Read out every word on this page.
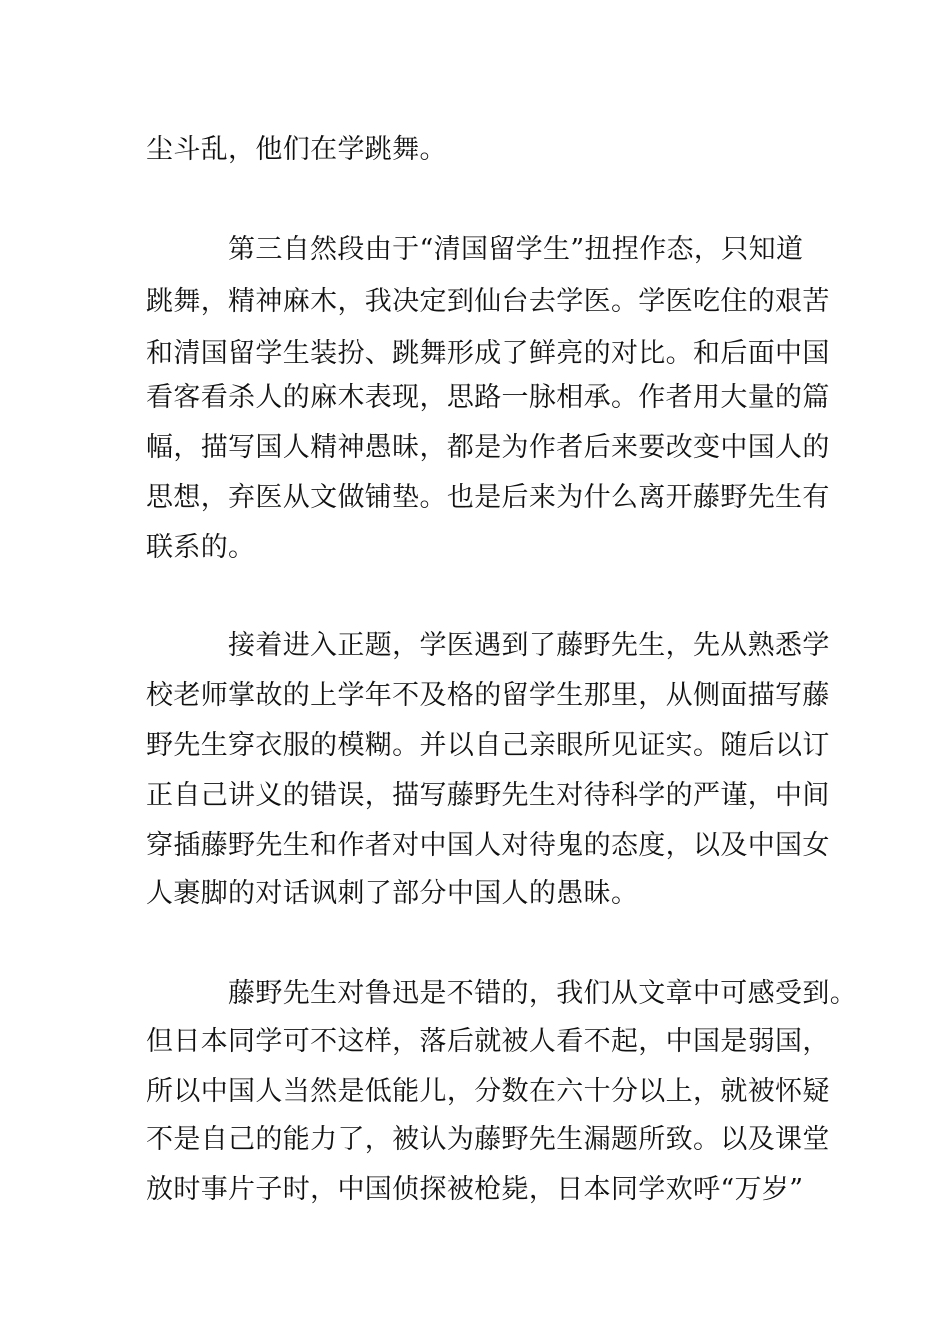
尘斗乱，他们在学跳舞。
第三自然段由于“清国留学生”扭捏作态，只知道
跳舞，精神麻木，我决定到仙台去学医。学医吃住的艰苦
和清国留学生装扮、跳舞形成了鲜亮的对比。和后面中国
看客看杀人的麻木表现，思路一脉相承。作者用大量的篇
幅，描写国人精神愚昧，都是为作者后来要改变中国人的
思想，弃医从文做铺垫。也是后来为什么离开藤野先生有
联系的。
接着进入正题，学医遇到了藤野先生，先从熟悉学
校老师掌故的上学年不及格的留学生那里，从侧面描写藤
野先生穿衣服的模糊。并以自己亲眼所见证实。随后以订
正自己讲义的错误，描写藤野先生对待科学的严谨，中间
穿插藤野先生和作者对中国人对待鬼的态度，以及中国女
人裹脚的对话讽刺了部分中国人的愚昧。
藤野先生对鲁迅是不错的，我们从文章中可感受到。
但日本同学可不这样，落后就被人看不起，中国是弱国，
所以中国人当然是低能儿，分数在六十分以上，就被怀疑
不是自己的能力了，被认为藤野先生漏题所致。以及课堂
放时事片子时，中国侦探被枪毙，日本同学欢呼“万岁”
